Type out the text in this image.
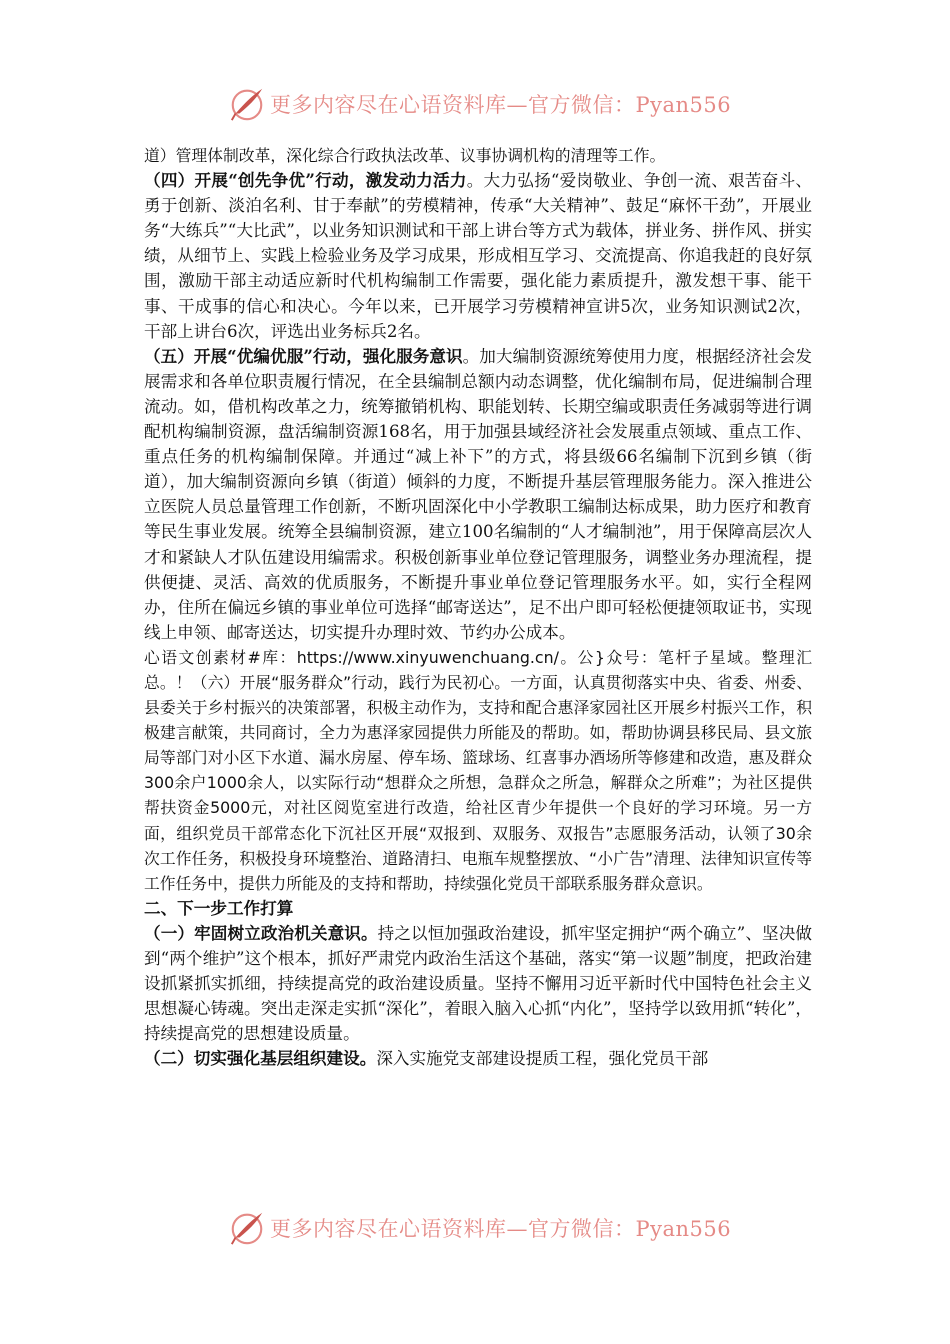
更多内容尽在心语资料库—官方微信：Pyan556

道）管理体制改革，深化综合行政执法改革、议事协调机构的清理等工作。

（四）开展“创先争优”行动，激发动力活力。大力弘扬“爱岗敬业、争创一流、艰苦奋斗、勇于创新、淡泊名利、甘于奉献”的劳模精神，传承“大关精神”、鼓足“麻怀干劲”，开展业务“大练兵”“大比武”，以业务知识测试和干部上讲台等方式为载体，拼业务、拼作风、拼实绩，从细节上、实践上检验业务及学习成果，形成相互学习、交流提高、你追我赶的良好氛围，激励干部主动适应新时代机构编制工作需要，强化能力素质提升，激发想干事、能干事、干成事的信心和决心。今年以来，已开展学习劳模精神宣讲5次，业务知识测试2次，干部上讲台6次，评选出业务标兵2名。

（五）开展“优编优服”行动，强化服务意识。加大编制资源统筹使用力度，根据经济社会发展需求和各单位职责履行情况，在全县编制总额内动态调整，优化编制布局，促进编制合理流动。如，借机构改革之力，统筹撤销机构、职能划转、长期空编或职责任务减弱等进行调配机构编制资源，盘活编制资源168名，用于加强县域经济社会发展重点领域、重点工作、重点任务的机构编制保障。并通过“减上补下”的方式，将县级66名编制下沉到乡镇（街道），加大编制资源向乡镇（街道）倾斜的力度，不断提升基层管理服务能力。深入推进公立医院人员总量管理工作创新，不断巩固深化中小学教职工编制达标成果，助力医疗和教育等民生事业发展。统筹全县编制资源，建立100名编制的“人才编制池”，用于保障高层次人才和紧缺人才队伍建设用编需求。积极创新事业单位登记管理服务，调整业务办理流程，提供便捷、灵活、高效的优质服务，不断提升事业单位登记管理服务水平。如，实行全程网办，住所在偏远乡镇的事业单位可选择“邮寄送达”，足不出户即可轻松便捷领取证书，实现线上申领、邮寄送达，切实提升办理时效、节约办公成本。

心语文创素材#库：https://www.xinyuwenchuang.cn/。公}众号：笔杆子星域。整理汇总。！（六）开展“服务群众”行动，践行为民初心。一方面，认真贯彻落实中央、省委、州委、县委关于乡村振兴的决策部署，积极主动作为，支持和配合惠泽家园社区开展乡村振兴工作，积极建言献策，共同商讨，全力为惠泽家园提供力所能及的帮助。如，帮助协调县移民局、县文旅局等部门对小区下水道、漏水房屋、停车场、篮球场、红喜事办酒场所等修建和改造，惠及群众300余户1000余人，以实际行动“想群众之所想，急群众之所急，解群众之所难”；为社区提供帮扶资金5000元，对社区阅览室进行改造，给社区青少年提供一个良好的学习环境。另一方面，组织党员干部常态化下沉社区开展“双报到、双服务、双报告”志愿服务活动，认领了30余次工作任务，积极投身环境整治、道路清扫、电瓶车规整摆放、“小广告”清理、法律知识宣传等工作任务中，提供力所能及的支持和帮助，持续强化党员干部联系服务群众意识。

二、下一步工作打算

（一）牢固树立政治机关意识。持之以恒加强政治建设，抓牢坚定拥护“两个确立”、坚决做到“两个维护”这个根本，抓好严肃党内政治生活这个基础，落实“第一议题”制度，把政治建设抓紧抓实抓细，持续提高党的政治建设质量。坚持不懈用习近平新时代中国特色社会主义思想凝心铸魂。突出走深走实抓“深化”，着眼入脑入心抓“内化”，坚持学以致用抓“转化”，持续提高党的思想建设质量。

（二）切实强化基层组织建设。深入实施党支部建设提质工程，强化党员干部

更多内容尽在心语资料库—官方微信：Pyan556
